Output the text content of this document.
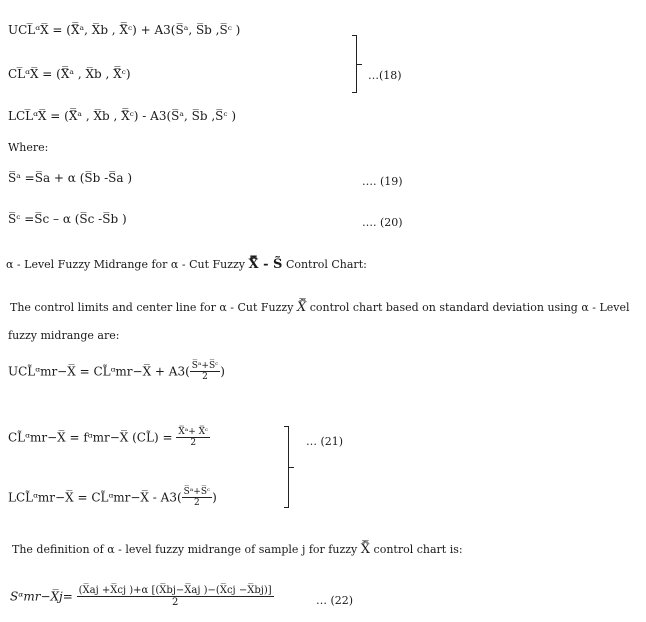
UCL̅ᵅX̅ = (X̿ᵃ, X̅b , X̿ᶜ) + A3(S̅ᵃ, S̅b ,S̅ᶜ )
CL̅ᵅX̅ = (X̿ᵃ , X̅b , X̿ᶜ)
LCL̅ᵅX̅ = (X̿ᵃ , X̅b , X̿ᶜ) - A3(S̅ᵃ, S̅b ,S̅ᶜ )
…(18)
Where:
S̅ᵃ =S̅a + α (S̅b -S̅a )	…. (19)
S̅ᶜ =S̅c – α (S̅c -S̅b )	…. (20)
α - Level Fuzzy Midrange for α - Cut Fuzzy X̃̿ - S̃ Control Chart:
The control limits and center line for α - Cut Fuzzy X̃̿ control chart based on standard deviation using α - Level
fuzzy midrange are:
UCL̃ᵅmr−X̅ = CL̃ᵅmr−X̅ + $A3( \frac{\text{S̅ᵃ+S̅ᶜ}}{2}$ )
CL̃ᵅmr−X̅ = fᵅmr−X̅ (CL̃) = $\frac{\text{X̿ᵃ+ X̿ᶜ}}{2}$
LCL̃ᵅmr−X̅ = CL̃ᵅmr−X̅ - $A3( \frac{\text{S̅ᵃ+S̅ᶜ}}{2}$ )
… (21)
The definition of α - level fuzzy midrange of sample j for fuzzy X̃̿ control chart is:
Sᵅmr−X̅j= $\frac{(X̅aj +X̅cj )+\alpha [(X̅bj-X̅aj )-(X̅cj -X̅bj)]}{2}$	… (22)
